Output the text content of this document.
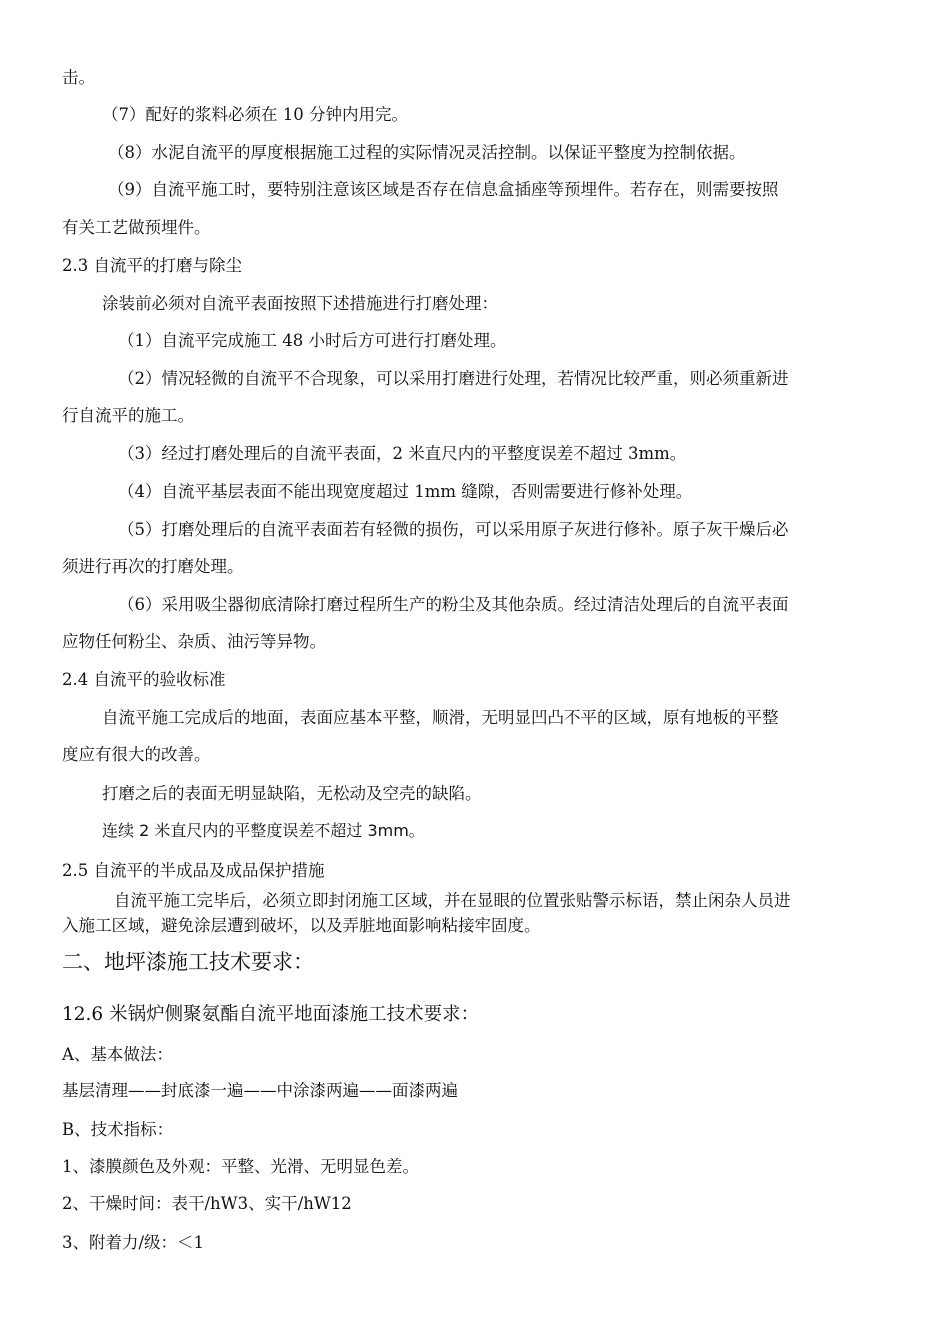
击。
（7）配好的浆料必须在 10 分钟内用完。
（8）水泥自流平的厚度根据施工过程的实际情况灵活控制。以保证平整度为控制依据。
（9）自流平施工时，要特别注意该区域是否存在信息盒插座等预埋件。若存在，则需要按照
有关工艺做预埋件。
2.3 自流平的打磨与除尘
涂装前必须对自流平表面按照下述措施进行打磨处理：
（1）自流平完成施工 48 小时后方可进行打磨处理。
（2）情况轻微的自流平不合现象，可以采用打磨进行处理，若情况比较严重，则必须重新进
行自流平的施工。
（3）经过打磨处理后的自流平表面，2 米直尺内的平整度误差不超过 3mm。
（4）自流平基层表面不能出现宽度超过 1mm 缝隙，否则需要进行修补处理。
（5）打磨处理后的自流平表面若有轻微的损伤，可以采用原子灰进行修补。原子灰干燥后必
须进行再次的打磨处理。
（6）采用吸尘器彻底清除打磨过程所生产的粉尘及其他杂质。经过清洁处理后的自流平表面
应物任何粉尘、杂质、油污等异物。
2.4 自流平的验收标准
自流平施工完成后的地面，表面应基本平整，顺滑，无明显凹凸不平的区域，原有地板的平整
度应有很大的改善。
打磨之后的表面无明显缺陷，无松动及空壳的缺陷。
连续 2 米直尺内的平整度误差不超过 3mm。
2.5 自流平的半成品及成品保护措施
自流平施工完毕后，必须立即封闭施工区域，并在显眼的位置张贴警示标语，禁止闲杂人员进
入施工区域，避免涂层遭到破坏，以及弄脏地面影响粘接牢固度。
二、地坪漆施工技术要求：
12.6 米锅炉侧聚氨酯自流平地面漆施工技术要求：
A、基本做法：
基层清理——封底漆一遍——中涂漆两遍——面漆两遍
B、技术指标：
1、漆膜颜色及外观：平整、光滑、无明显色差。
2、干燥时间：表干/hW3、实干/hW12
3、附着力/级：＜1
